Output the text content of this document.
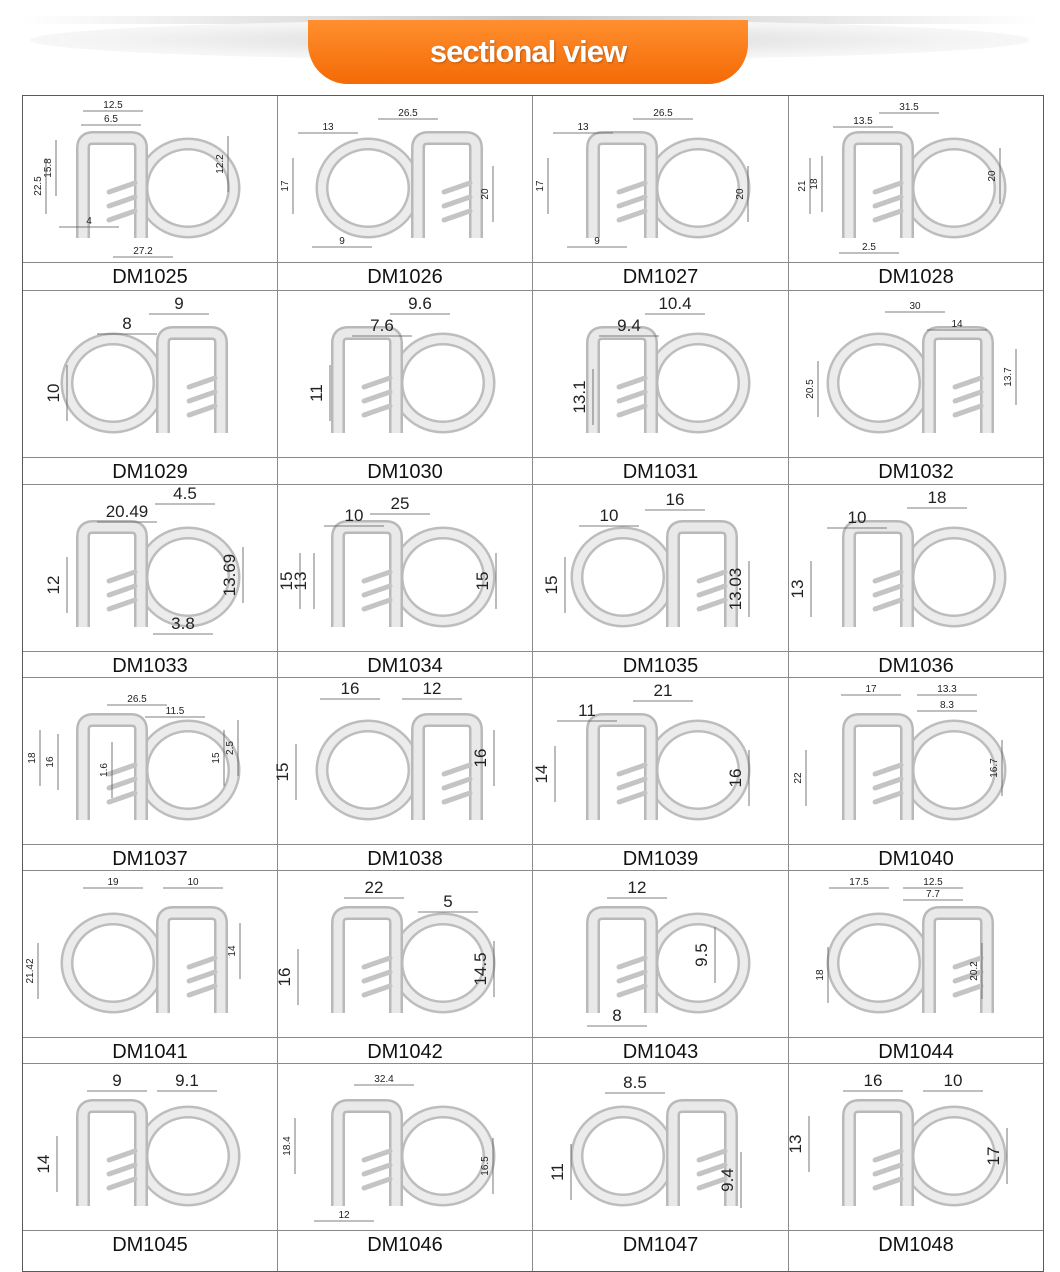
sectional view
12.5
6.5
15.8
22.5
12.2
4
27.2
DM1025
13
26.5
17
20
9
DM1026
13
26.5
17
20
9
DM1027
31.5
13.5
21 18
20
2.5
DM1028
8
9
10
DM1029
7.6
9.6
11
DM1030
9.4
10.4
13.1
DM1031
30
14
20.5
13.7
DM1032
20.49
4.5
12	13.69
3.8
DM1033
10
25
15
13	15
DM1034
10
16
15	13.03
DM1035
10
18
13
DM1036
26.5
11.5
18 16
1.6
2.5
15
DM1037
16	12
15
16
DM1038
11
21
14	16
DM1039
17	13.3
8.3
22
16.7
DM1040
19	10
21.42
14
DM1041
22
5
16	14.5
DM1042
12
9.5
8
DM1043
17.5	12.5
7.7
18	20.2
DM1044
9	9.1
14
DM1045
32.4
18.4
16.5
12
DM1046
8.5
11	9.4
DM1047
16	10
13
17
DM1048
